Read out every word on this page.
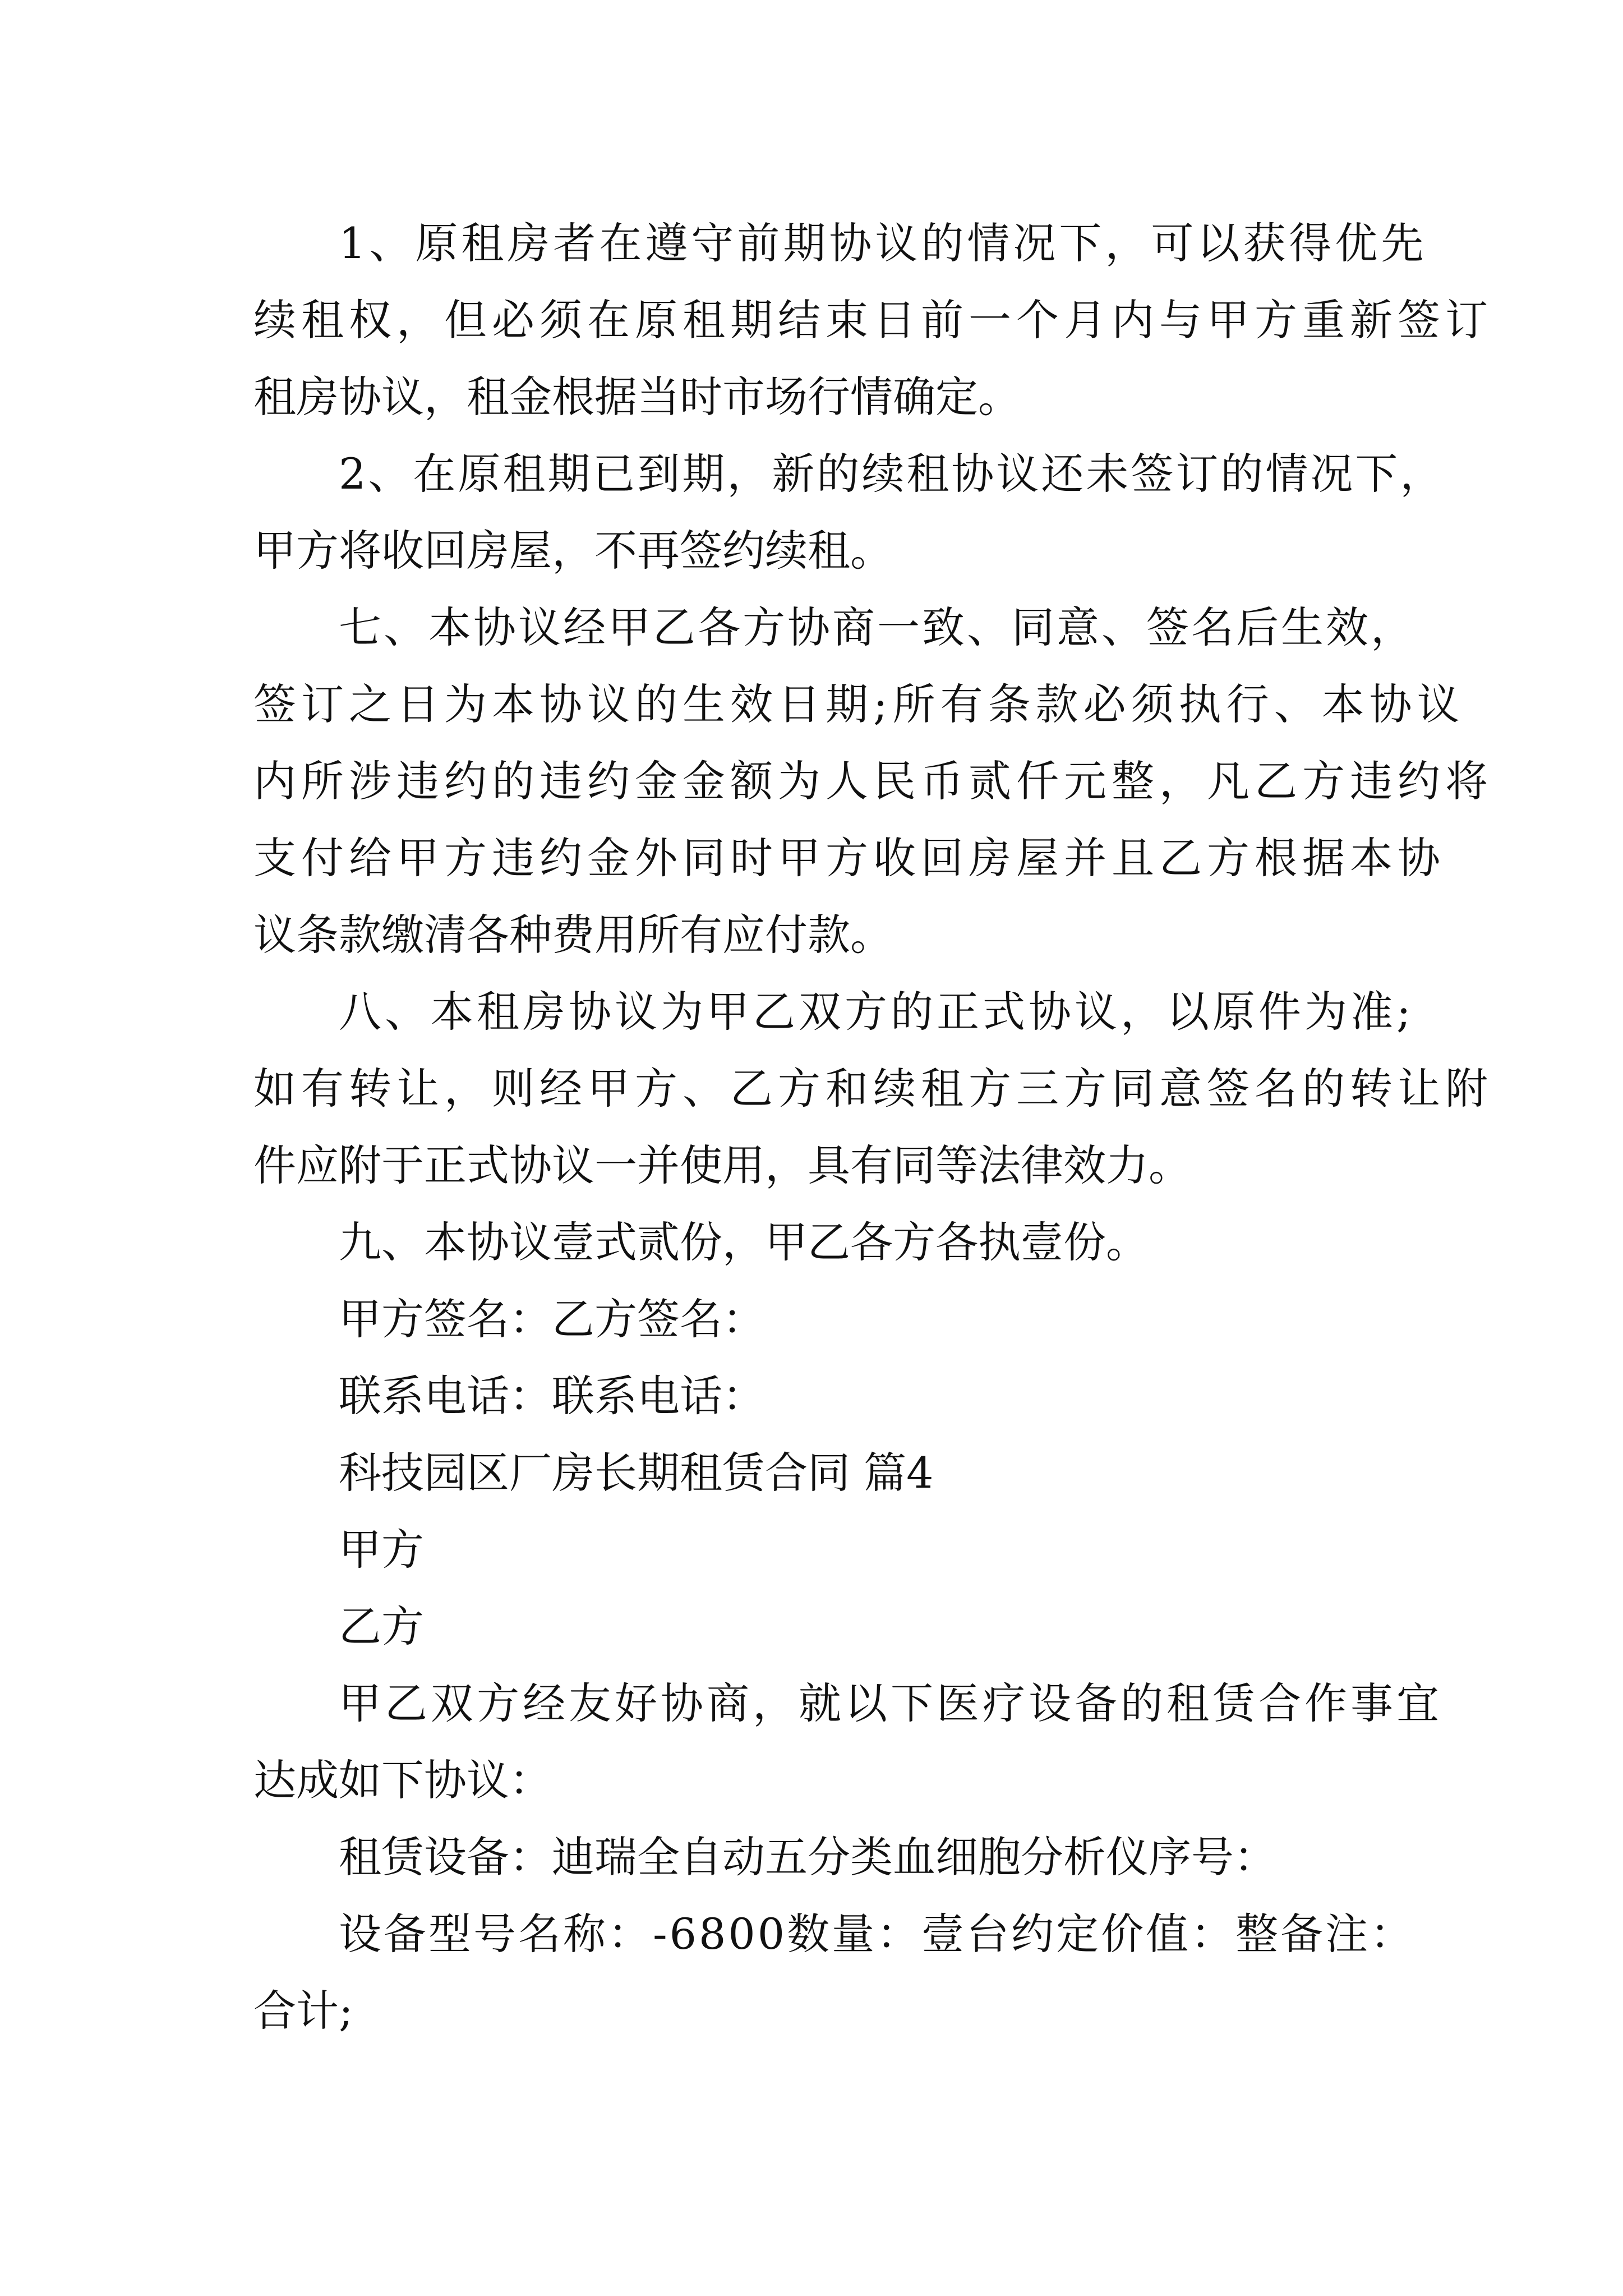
1、原租房者在遵守前期协议的情况下，可以获得优先
续租权，但必须在原租期结束日前一个月内与甲方重新签订
租房协议，租金根据当时市场行情确定。
2、在原租期已到期，新的续租协议还未签订的情况下，
甲方将收回房屋，不再签约续租。
七、本协议经甲乙各方协商一致、同意、签名后生效，
签订之日为本协议的生效日期;所有条款必须执行、本协议
内所涉违约的违约金金额为人民币贰仟元整，凡乙方违约将
支付给甲方违约金外同时甲方收回房屋并且乙方根据本协
议条款缴清各种费用所有应付款。
八、本租房协议为甲乙双方的正式协议，以原件为准;
如有转让，则经甲方、乙方和续租方三方同意签名的转让附
件应附于正式协议一并使用，具有同等法律效力。
九、本协议壹式贰份，甲乙各方各执壹份。
甲方签名：乙方签名：
联系电话：联系电话：
科技园区厂房长期租赁合同 篇4
甲方
乙方
甲乙双方经友好协商，就以下医疗设备的租赁合作事宜
达成如下协议：
租赁设备：迪瑞全自动五分类血细胞分析仪序号：
设备型号名称：-6800数量：壹台约定价值：整备注：
合计;
